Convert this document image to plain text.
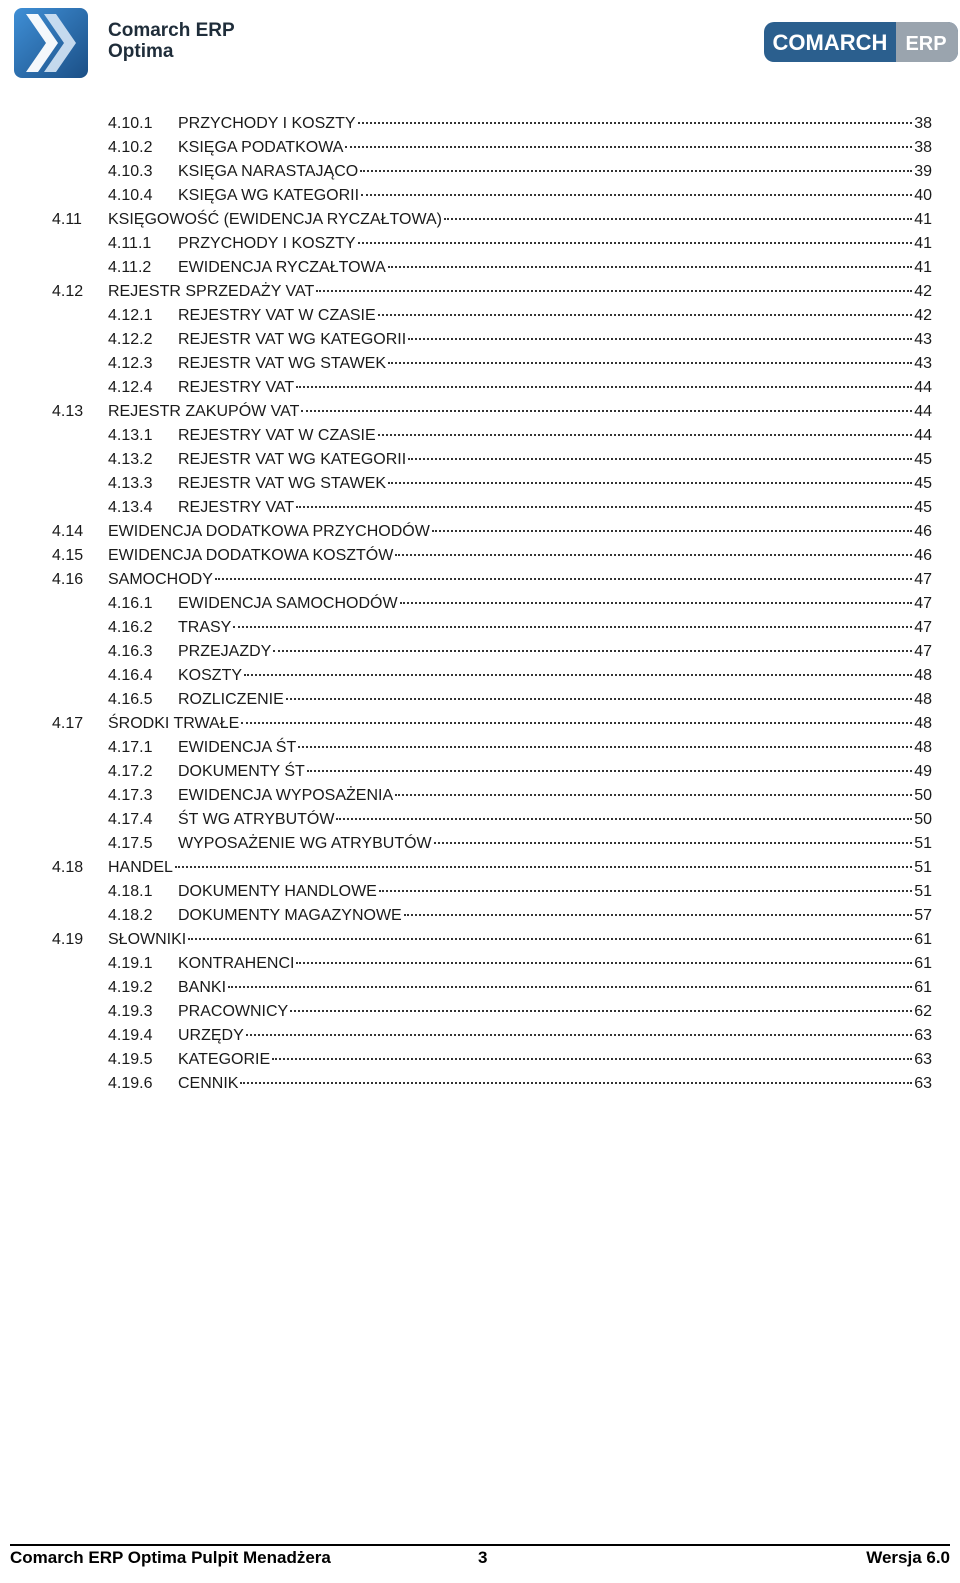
Comarch ERP
Optima	COMARCH ERP
4.10.1	PRZYCHODY I KOSZTY	38
4.10.2	KSIĘGA PODATKOWA	38
4.10.3	KSIĘGA NARASTAJĄCO	39
4.10.4	KSIĘGA WG KATEGORII	40
4.11	KSIĘGOWOŚĆ (EWIDENCJA RYCZAŁTOWA)	41
4.11.1	PRZYCHODY I KOSZTY	41
4.11.2	EWIDENCJA RYCZAŁTOWA	41
4.12	REJESTR SPRZEDAŻY VAT	42
4.12.1	REJESTRY VAT W CZASIE	42
4.12.2	REJESTR VAT WG KATEGORII	43
4.12.3	REJESTR VAT WG STAWEK	43
4.12.4	REJESTRY VAT	44
4.13	REJESTR ZAKUPÓW VAT	44
4.13.1	REJESTRY VAT W CZASIE	44
4.13.2	REJESTR VAT WG KATEGORII	45
4.13.3	REJESTR VAT WG STAWEK	45
4.13.4	REJESTRY VAT	45
4.14	EWIDENCJA DODATKOWA PRZYCHODÓW	46
4.15	EWIDENCJA DODATKOWA KOSZTÓW	46
4.16	SAMOCHODY	47
4.16.1	EWIDENCJA SAMOCHODÓW	47
4.16.2	TRASY	47
4.16.3	PRZEJAZDY	47
4.16.4	KOSZTY	48
4.16.5	ROZLICZENIE	48
4.17	ŚRODKI TRWAŁE	48
4.17.1	EWIDENCJA ŚT	48
4.17.2	DOKUMENTY ŚT	49
4.17.3	EWIDENCJA WYPOSAŻENIA	50
4.17.4	ŚT WG ATRYBUTÓW	50
4.17.5	WYPOSAŻENIE WG ATRYBUTÓW	51
4.18	HANDEL	51
4.18.1	DOKUMENTY HANDLOWE	51
4.18.2	DOKUMENTY MAGAZYNOWE	57
4.19	SŁOWNIKI	61
4.19.1	KONTRAHENCI	61
4.19.2	BANKI	61
4.19.3	PRACOWNICY	62
4.19.4	URZĘDY	63
4.19.5	KATEGORIE	63
4.19.6	CENNIK	63
Comarch ERP Optima Pulpit Menadżera	3	Wersja 6.0
